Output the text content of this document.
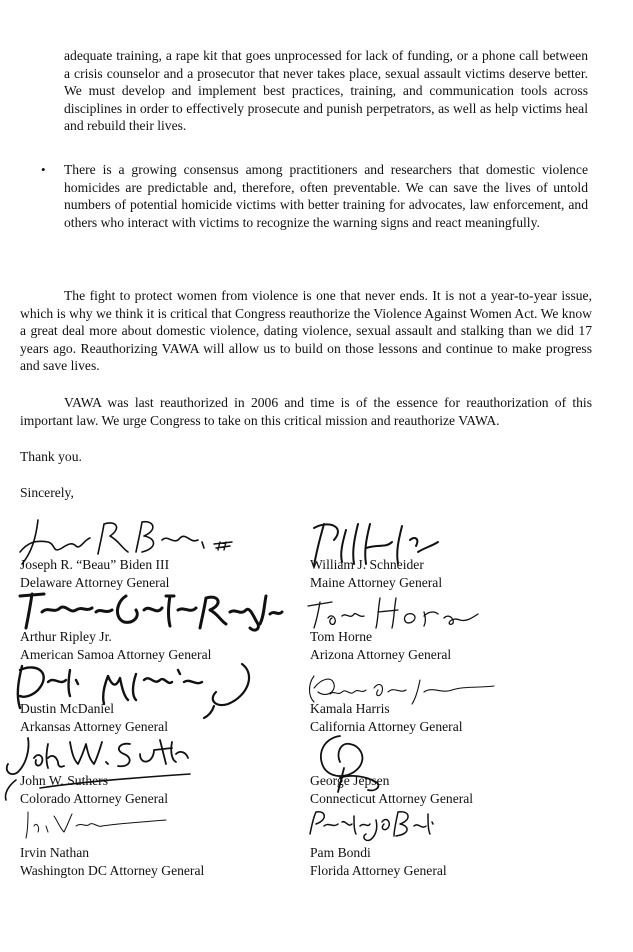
adequate training, a rape kit that goes unprocessed for lack of funding, or a phone call between a crisis counselor and a prosecutor that never takes place, sexual assault victims deserve better. We must develop and implement best practices, training, and communication tools across disciplines in order to effectively prosecute and punish perpetrators, as well as help victims heal and rebuild their lives.

• There is a growing consensus among practitioners and researchers that domestic violence homicides are predictable and, therefore, often preventable. We can save the lives of untold numbers of potential homicide victims with better training for advocates, law enforcement, and others who interact with victims to recognize the warning signs and react meaningfully.

The fight to protect women from violence is one that never ends. It is not a year-to-year issue, which is why we think it is critical that Congress reauthorize the Violence Against Women Act. We know a great deal more about domestic violence, dating violence, sexual assault and stalking than we did 17 years ago. Reauthorizing VAWA will allow us to build on those lessons and continue to make progress and save lives.

VAWA was last reauthorized in 2006 and time is of the essence for reauthorization of this important law. We urge Congress to take on this critical mission and reauthorize VAWA.

Thank you.

Sincerely,

Joseph R. “Beau” Biden III
Delaware Attorney General
William J. Schneider
Maine Attorney General
Arthur Ripley Jr.
American Samoa Attorney General
Tom Horne
Arizona Attorney General
Dustin McDaniel
Arkansas Attorney General
Kamala Harris
California Attorney General
John W. Suthers
Colorado Attorney General
George Jepsen
Connecticut Attorney General
Irvin Nathan
Washington DC Attorney General
Pam Bondi
Florida Attorney General
